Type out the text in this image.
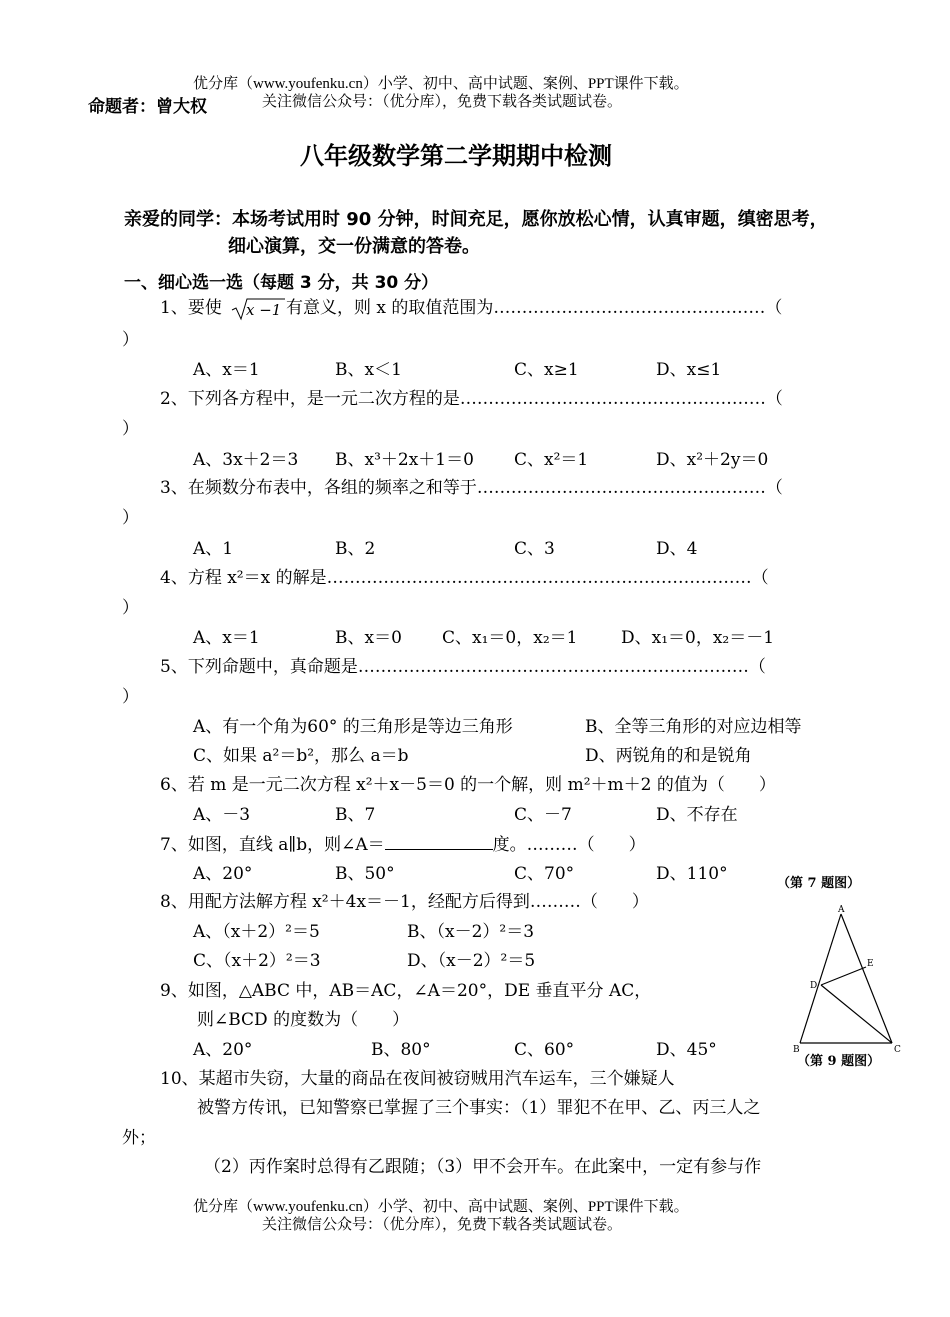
优分库（www.youfenku.cn）小学、初中、高中试题、案例、PPT课件下载。
关注微信公众号：（优分库），免费下载各类试题试卷。
命题者：曾大权
八年级数学第二学期期中检测
亲爱的同学：本场考试用时 90 分钟，时间充足，愿你放松心情，认真审题，缜密思考，
细心演算，交一份满意的答卷。
一、细心选一选（每题 3 分，共 30 分）
1、要使 x −1 有意义，则 x 的取值范围为…………………………………………（
）
A、x＝1	B、x＜1	C、x≥1	D、x≤1
2、下列各方程中，是一元二次方程的是………………………………………………（
）
A、3x＋2＝3 B、x³＋2x＋1＝0 C、x²＝1	D、x²＋2y＝0
3、在频数分布表中，各组的频率之和等于……………………………………………（
）
A、1	B、2	C、3	D、4
4、方程 x²＝x 的解是…………………………………………………………………（
）
A、x＝1	B、x＝0 C、x₁＝0，x₂＝1	D、x₁＝0，x₂＝－1
5、下列命题中，真命题是……………………………………………………………（
）
A、有一个角为60° 的三角形是等边三角形	B、全等三角形的对应边相等
C、如果 a²＝b²，那么 a＝b	D、两锐角的和是锐角
6、若 m 是一元二次方程 x²＋x－5＝0 的一个解，则 m²＋m＋2 的值为（　　）
A、－3	B、7	C、－7	D、不存在
7、如图，直线 a∥b，则∠A＝	度。………（　　）
A、20°	B、50°	C、70°	D、110°
8、用配方法解方程 x²＋4x＝－1，经配方后得到………（　　）
A、（x＋2）²＝5	B、（x－2）²＝3
C、（x＋2）²＝3	D、（x－2）²＝5
9、如图，△ABC 中，AB＝AC，∠A＝20°，DE 垂直平分 AC，
则∠BCD 的度数为（　　）
A、20°	B、80°	C、60°	D、45°
10、某超市失窃，大量的商品在夜间被窃贼用汽车运车，三个嫌疑人
被警方传讯，已知警察已掌握了三个事实：（1）罪犯不在甲、乙、丙三人之
外；
（2）丙作案时总得有乙跟随；（3）甲不会开车。在此案中，一定有参与作
（第 7 题图）
A
B	C
D
E
（第 9 题图）
优分库（www.youfenku.cn）小学、初中、高中试题、案例、PPT课件下载。
关注微信公众号：（优分库），免费下载各类试题试卷。
